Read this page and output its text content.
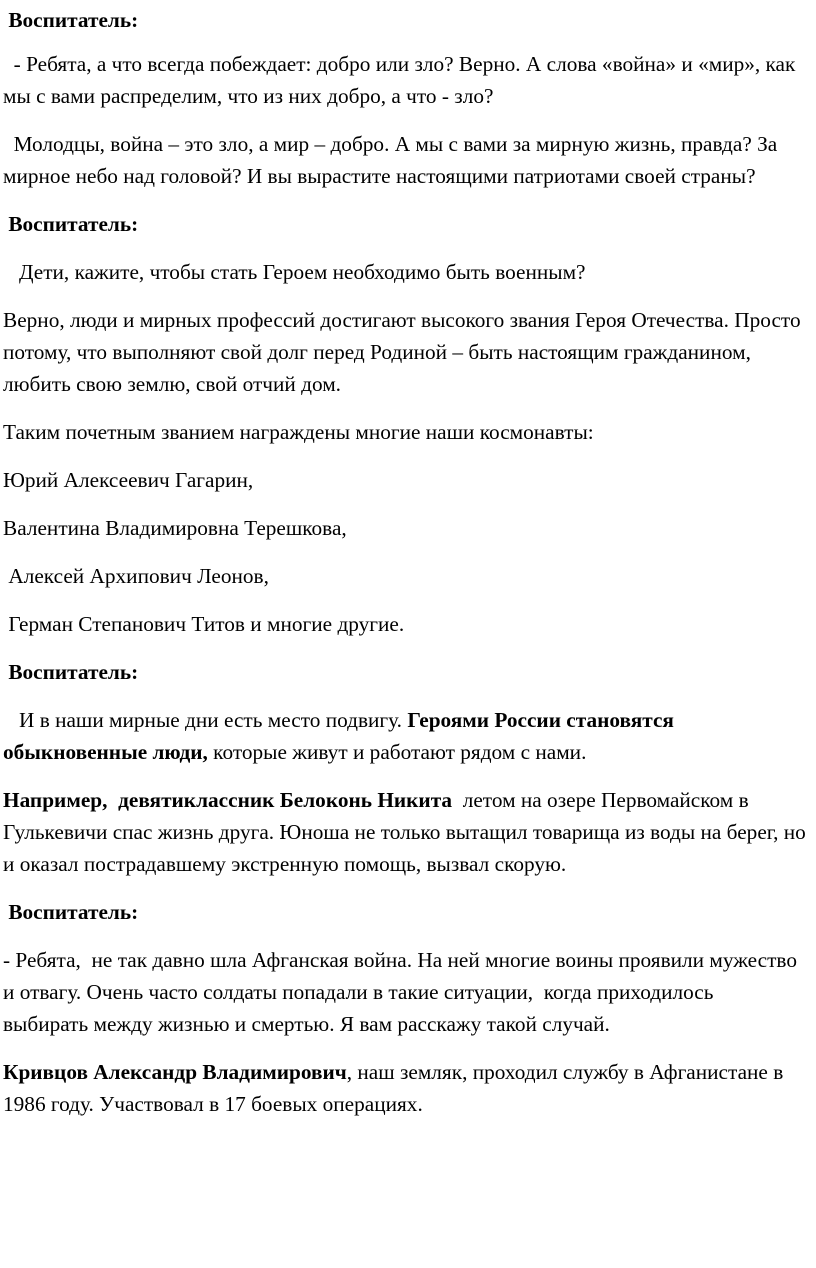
Воспитатель:

- Ребята, а что всегда побеждает: добро или зло? Верно. А слова «война» и «мир», как мы с вами распределим, что из них добро, а что - зло?

Молодцы, война – это зло, а мир – добро. А мы с вами за мирную жизнь, правда? За мирное небо над головой? И вы вырастите настоящими патриотами своей страны?

Воспитатель:

Дети, кажите, чтобы стать Героем необходимо быть военным?

Верно, люди и мирных профессий достигают высокого звания Героя Отечества. Просто потому, что выполняют свой долг перед Родиной – быть настоящим гражданином, любить свою землю, свой отчий дом.

Таким почетным званием награждены многие наши космонавты:

Юрий Алексеевич Гагарин,

Валентина Владимировна Терешкова,

Алексей Архипович Леонов,

Герман Степанович Титов и многие другие.

Воспитатель:

И в наши мирные дни есть место подвигу. Героями России становятся обыкновенные люди, которые живут и работают рядом с нами.

Например,  девятиклассник Белоконь Никита  летом на озере Первомайском в Гулькевичи спас жизнь друга. Юноша не только вытащил товарища из воды на берег, но и оказал пострадавшему экстренную помощь, вызвал скорую.

Воспитатель:

- Ребята,  не так давно шла Афганская война. На ней многие воины проявили мужество и отвагу. Очень часто солдаты попадали в такие ситуации,  когда приходилось  выбирать между жизнью и смертью. Я вам расскажу такой случай.

Кривцов Александр Владимирович, наш земляк, проходил службу в Афганистане в 1986 году. Участвовал в 17 боевых операциях.
